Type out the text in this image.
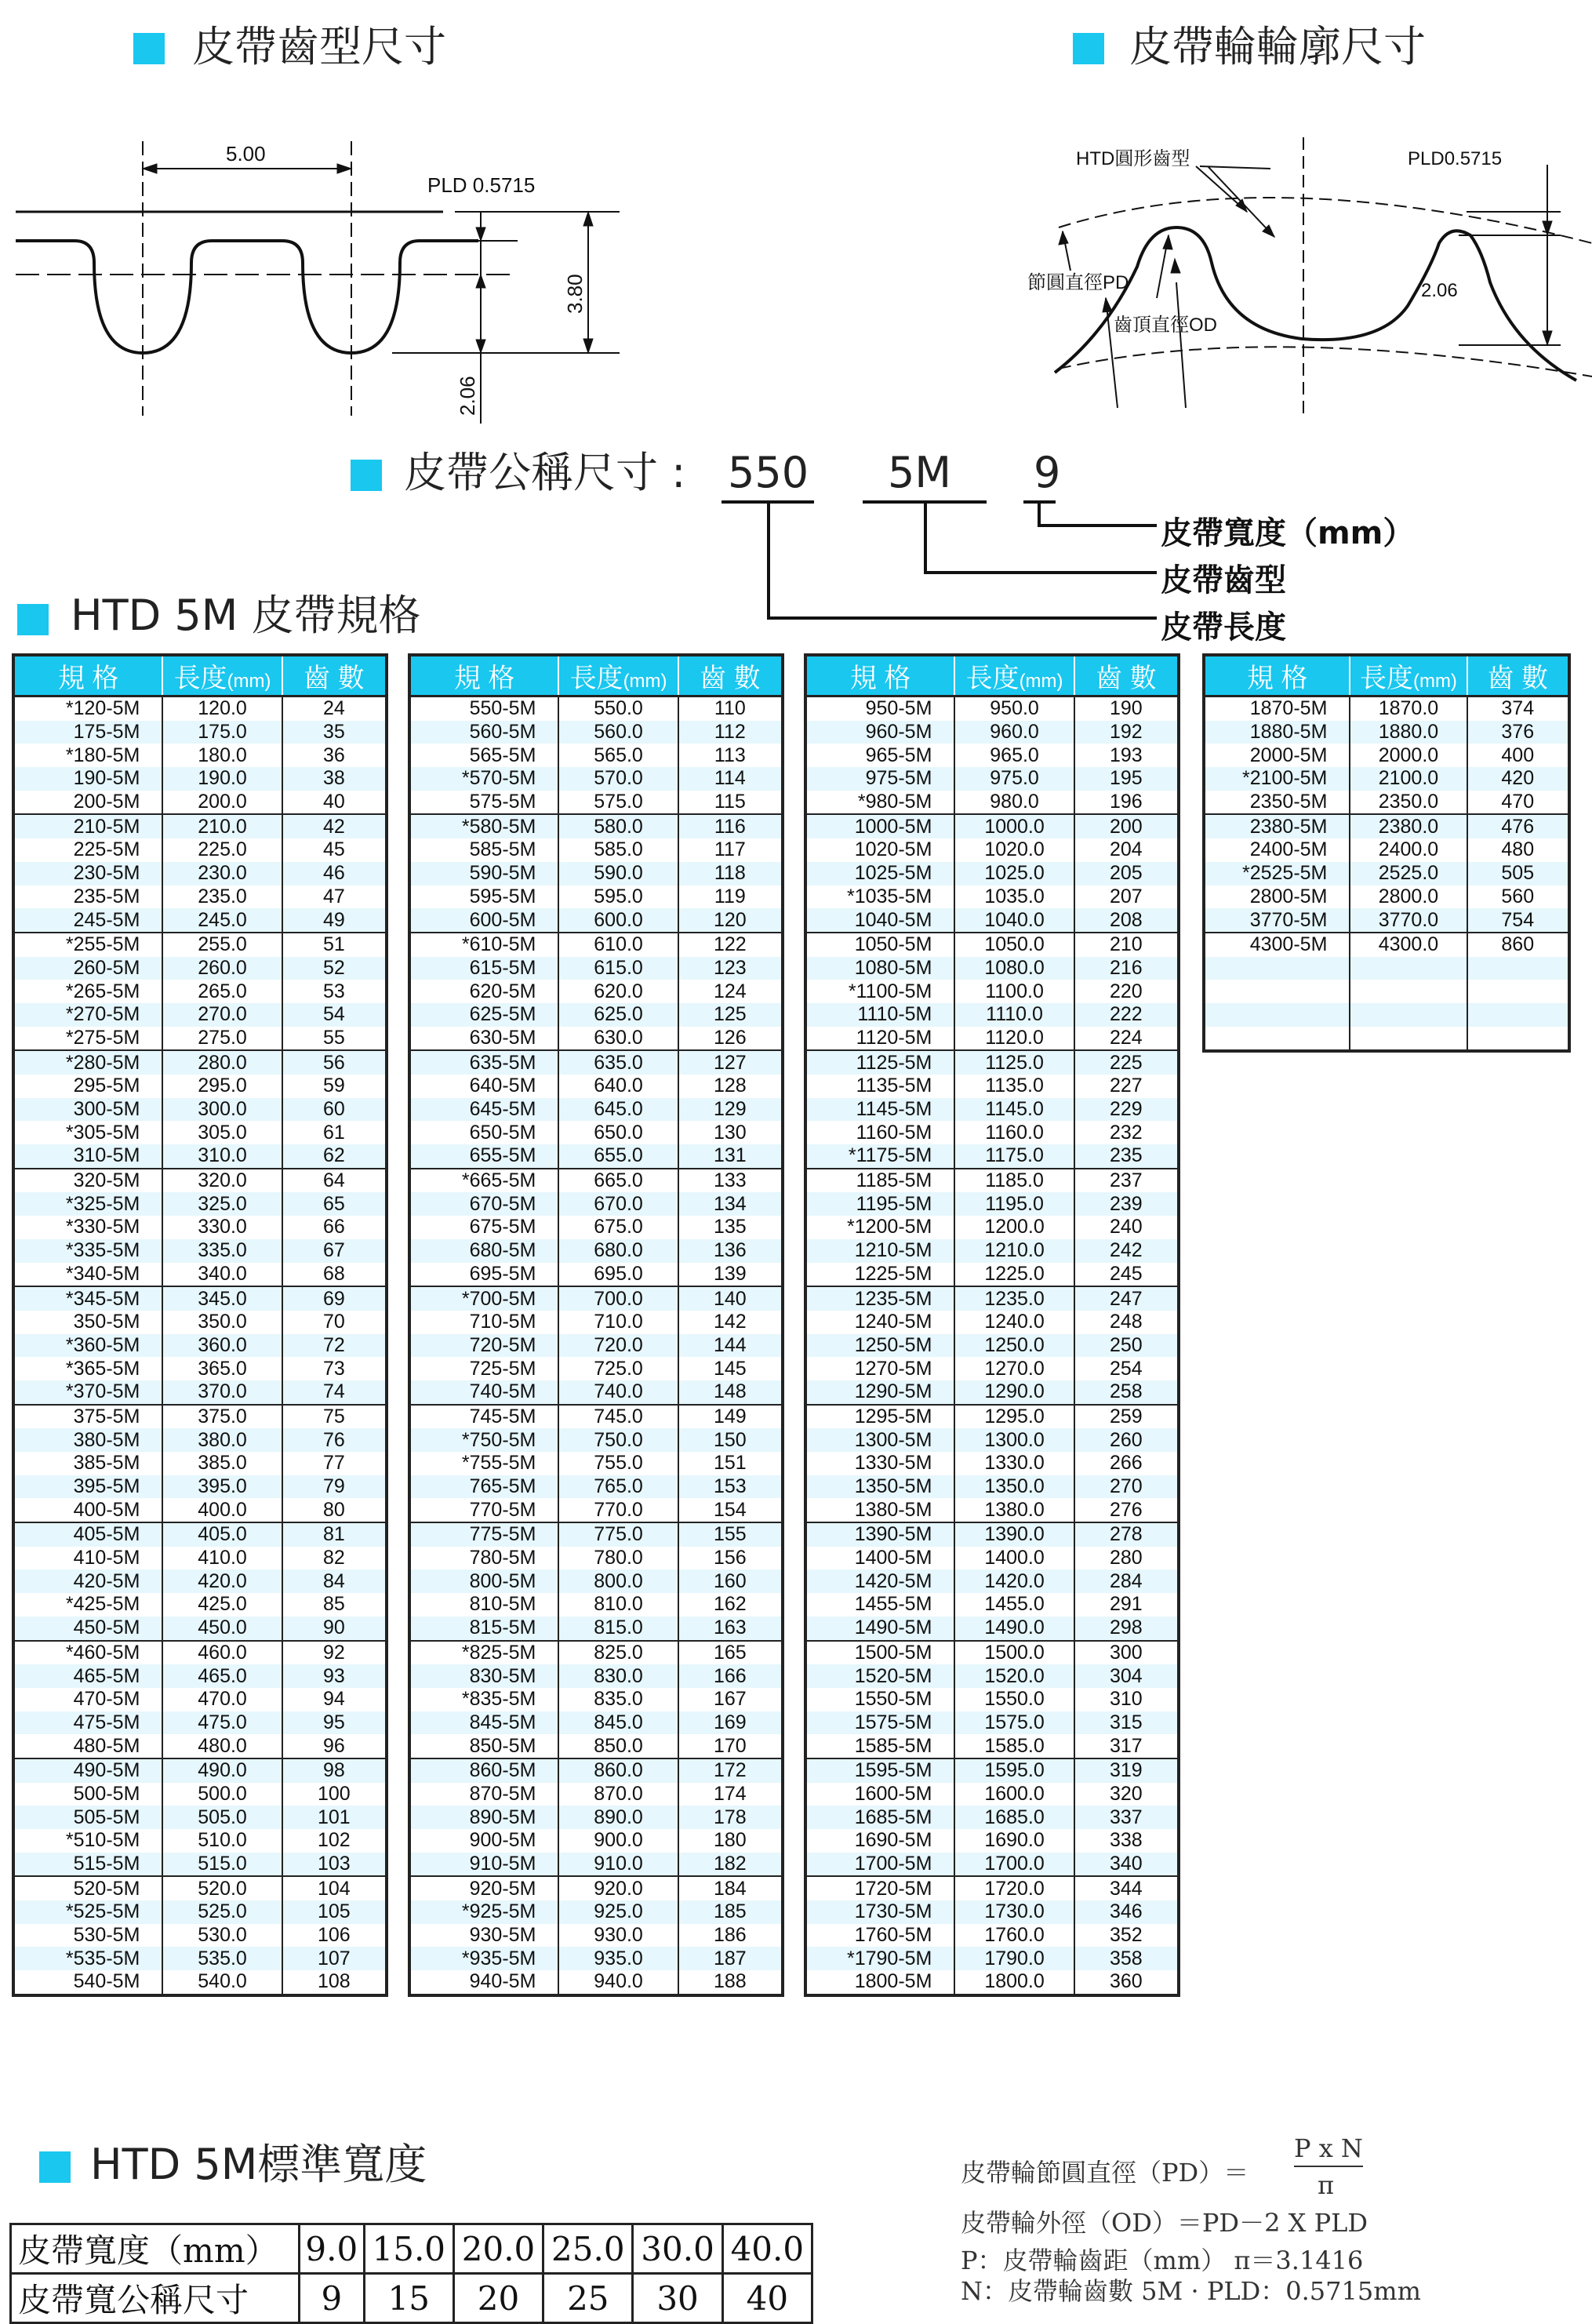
皮帶齒型尺寸	皮帶輪輪廓尺寸
5.00
PLD 0.5715
3.80
2.06
HTD圓形齒型	PLD0.5715
節圓直徑PD
齒頂直徑OD
2.06
皮帶公稱尺寸 : 550 5M 9
皮帶寬度（mm）
皮帶齒型
皮帶長度
HTD 5M 皮帶規格
規 格	長度(mm)	齒 數
*120-5M	120.0	24
175-5M	175.0	35
*180-5M	180.0	36
190-5M	190.0	38
200-5M	200.0	40
210-5M	210.0	42
225-5M	225.0	45
230-5M	230.0	46
235-5M	235.0	47
245-5M	245.0	49
*255-5M	255.0	51
260-5M	260.0	52
*265-5M	265.0	53
*270-5M	270.0	54
*275-5M	275.0	55
*280-5M	280.0	56
295-5M	295.0	59
300-5M	300.0	60
*305-5M	305.0	61
310-5M	310.0	62
320-5M	320.0	64
*325-5M	325.0	65
*330-5M	330.0	66
*335-5M	335.0	67
*340-5M	340.0	68
*345-5M	345.0	69
350-5M	350.0	70
*360-5M	360.0	72
*365-5M	365.0	73
*370-5M	370.0	74
375-5M	375.0	75
380-5M	380.0	76
385-5M	385.0	77
395-5M	395.0	79
400-5M	400.0	80
405-5M	405.0	81
410-5M	410.0	82
420-5M	420.0	84
*425-5M	425.0	85
450-5M	450.0	90
*460-5M	460.0	92
465-5M	465.0	93
470-5M	470.0	94
475-5M	475.0	95
480-5M	480.0	96
490-5M	490.0	98
500-5M	500.0	100
505-5M	505.0	101
*510-5M	510.0	102
515-5M	515.0	103
520-5M	520.0	104
*525-5M	525.0	105
530-5M	530.0	106
*535-5M	535.0	107
540-5M	540.0	108
規 格	長度(mm)	齒 數
550-5M	550.0	110
560-5M	560.0	112
565-5M	565.0	113
*570-5M	570.0	114
575-5M	575.0	115
*580-5M	580.0	116
585-5M	585.0	117
590-5M	590.0	118
595-5M	595.0	119
600-5M	600.0	120
*610-5M	610.0	122
615-5M	615.0	123
620-5M	620.0	124
625-5M	625.0	125
630-5M	630.0	126
635-5M	635.0	127
640-5M	640.0	128
645-5M	645.0	129
650-5M	650.0	130
655-5M	655.0	131
*665-5M	665.0	133
670-5M	670.0	134
675-5M	675.0	135
680-5M	680.0	136
695-5M	695.0	139
*700-5M	700.0	140
710-5M	710.0	142
720-5M	720.0	144
725-5M	725.0	145
740-5M	740.0	148
745-5M	745.0	149
*750-5M	750.0	150
*755-5M	755.0	151
765-5M	765.0	153
770-5M	770.0	154
775-5M	775.0	155
780-5M	780.0	156
800-5M	800.0	160
810-5M	810.0	162
815-5M	815.0	163
*825-5M	825.0	165
830-5M	830.0	166
*835-5M	835.0	167
845-5M	845.0	169
850-5M	850.0	170
860-5M	860.0	172
870-5M	870.0	174
890-5M	890.0	178
900-5M	900.0	180
910-5M	910.0	182
920-5M	920.0	184
*925-5M	925.0	185
930-5M	930.0	186
*935-5M	935.0	187
940-5M	940.0	188
規 格	長度(mm)	齒 數
950-5M	950.0	190
960-5M	960.0	192
965-5M	965.0	193
975-5M	975.0	195
*980-5M	980.0	196
1000-5M	1000.0	200
1020-5M	1020.0	204
1025-5M	1025.0	205
*1035-5M	1035.0	207
1040-5M	1040.0	208
1050-5M	1050.0	210
1080-5M	1080.0	216
*1100-5M	1100.0	220
1110-5M	1110.0	222
1120-5M	1120.0	224
1125-5M	1125.0	225
1135-5M	1135.0	227
1145-5M	1145.0	229
1160-5M	1160.0	232
*1175-5M	1175.0	235
1185-5M	1185.0	237
1195-5M	1195.0	239
*1200-5M	1200.0	240
1210-5M	1210.0	242
1225-5M	1225.0	245
1235-5M	1235.0	247
1240-5M	1240.0	248
1250-5M	1250.0	250
1270-5M	1270.0	254
1290-5M	1290.0	258
1295-5M	1295.0	259
1300-5M	1300.0	260
1330-5M	1330.0	266
1350-5M	1350.0	270
1380-5M	1380.0	276
1390-5M	1390.0	278
1400-5M	1400.0	280
1420-5M	1420.0	284
1455-5M	1455.0	291
1490-5M	1490.0	298
1500-5M	1500.0	300
1520-5M	1520.0	304
1550-5M	1550.0	310
1575-5M	1575.0	315
1585-5M	1585.0	317
1595-5M	1595.0	319
1600-5M	1600.0	320
1685-5M	1685.0	337
1690-5M	1690.0	338
1700-5M	1700.0	340
1720-5M	1720.0	344
1730-5M	1730.0	346
1760-5M	1760.0	352
*1790-5M	1790.0	358
1800-5M	1800.0	360
規 格	長度(mm)	齒 數
1870-5M	1870.0	374
1880-5M	1880.0	376
2000-5M	2000.0	400
*2100-5M	2100.0	420
2350-5M	2350.0	470
2380-5M	2380.0	476
2400-5M	2400.0	480
*2525-5M	2525.0	505
2800-5M	2800.0	560
3770-5M	3770.0	754
4300-5M	4300.0	860

HTD 5M標準寬度
皮帶寬度（mm）	9.0	15.0	20.0	25.0	30.0	40.0
皮帶寬公稱尺寸	9	15	20	25	30	40
皮帶輪節圓直徑（PD）＝
P x N
π
皮帶輪外徑（OD）＝PD－2 X PLD
P：皮帶輪齒距（mm） π＝3.1416
N：皮帶輪齒數 5M · PLD：0.5715mm
